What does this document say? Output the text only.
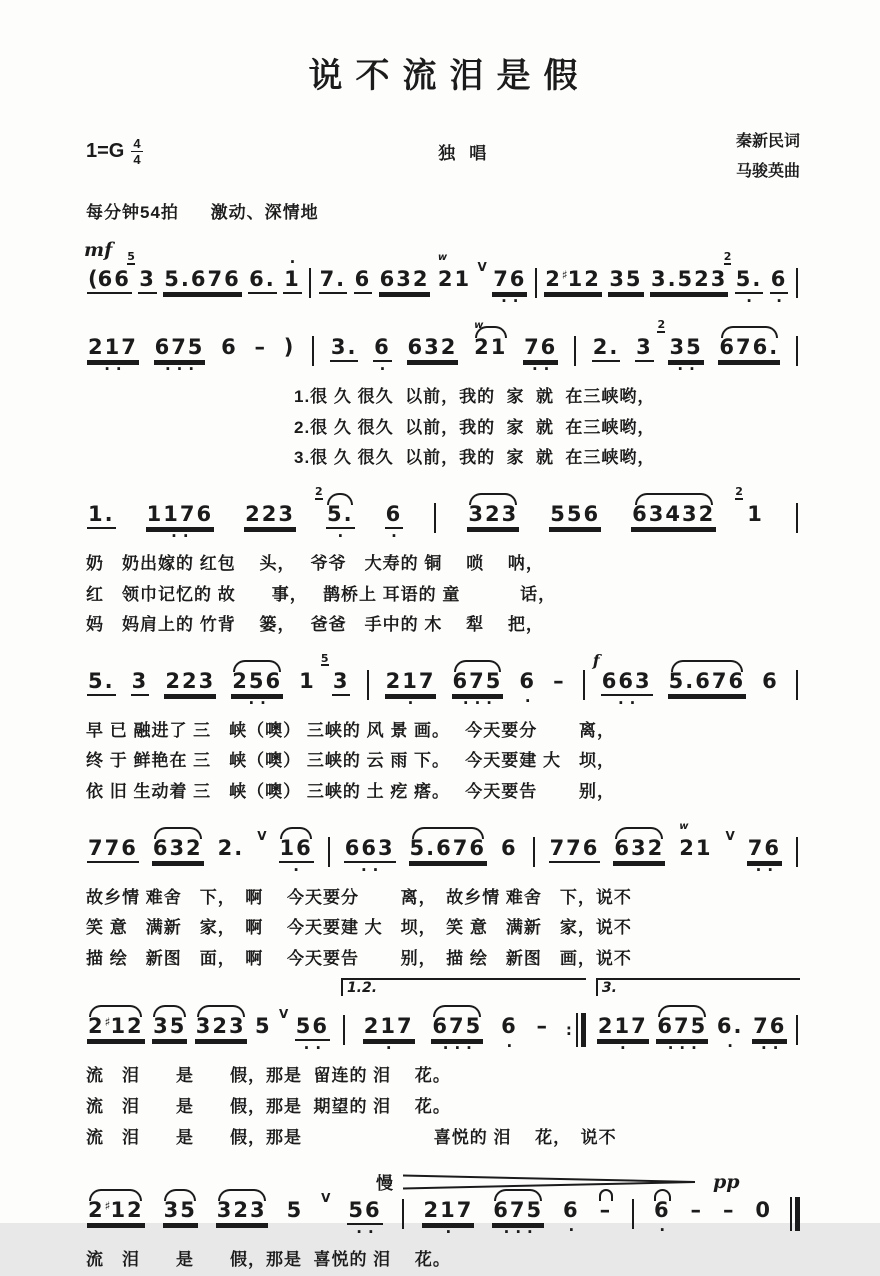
说不流泪是假
$1=G \frac{4}{4}$	独唱
秦新民词
马骏英曲
每分钟54拍 激动、深情地
mf
(66
5
3 5.676 6.
·
1 7. 6 632
w
21 V 76
· ·
2♯12 35 3.523
2
5.
·
6
·
217
· ·
675
· · ·
6 – ) 3. 6
·
632
w
21 76
· ·
2. 3
2
35
· ·
676.
1.很 久 很久  以前，我的  家  就  在三峡哟，
2.很 久 很久  以前，我的  家  就  在三峡哟，
3.很 久 很久  以前，我的  家  就  在三峡哟，
1. 1176
· ·
223
2
5.
·
6
·
323 556 63432
2
1
奶　奶出嫁的 红包　 头，　 爷爷　大寿的 铜　 唢　 呐，
红　领巾记忆的 故　　事，　 鹊桥上 耳语的 童　　　 话，
妈　妈肩上的 竹背　 篓，　 爸爸　手中的 木　 犁　 把，
5. 3 223 256
· ·
1
5
3 217
·
675
· · ·
6
·
– 663
· ·
f
5.676 6
早 已 融进了 三　峡（噢） 三峡的 风 景 画。　 今天要分　　 离，
终 于 鲜艳在 三　峡（噢） 三峡的 云 雨 下。　 今天要建 大　坝，
依 旧 生动着 三　峡（噢） 三峡的 土 疙 瘩。　 今天要告　　 别，
776 632 2. V 16
·
663
· ·
5.676 6 776 632
w
21 V 76
· ·
故乡情 难舍　下，　啊　 今天要分　　 离，　故乡情 难舍　下，说不
笑 意　满新　家，　啊　 今天要建 大　坝，　笑 意　满新　家，说不
描 绘　新图　面，　啊　 今天要告　　 别，　描 绘　新图　画，说不
2♯12 35 323 5 V 56
· ·
1.2.
217
·
675
· · ·
6
·
– :
3.
217
·
675
· · ·
6.
·
76
· ·
流　泪　　是　　假，那是  留连的 泪　 花。
流　泪　　是　　假，那是  期望的 泪　 花。
流　泪　　是　　假，那是　　　　　　　 喜悦的 泪　 花，　说不
慢	pp
2♯12 35 323 5 V 56
· ·
217
·
675
· · ·
6
·
– 6
·
– – 0
流　泪　　是　　假，那是  喜悦的 泪　 花。
